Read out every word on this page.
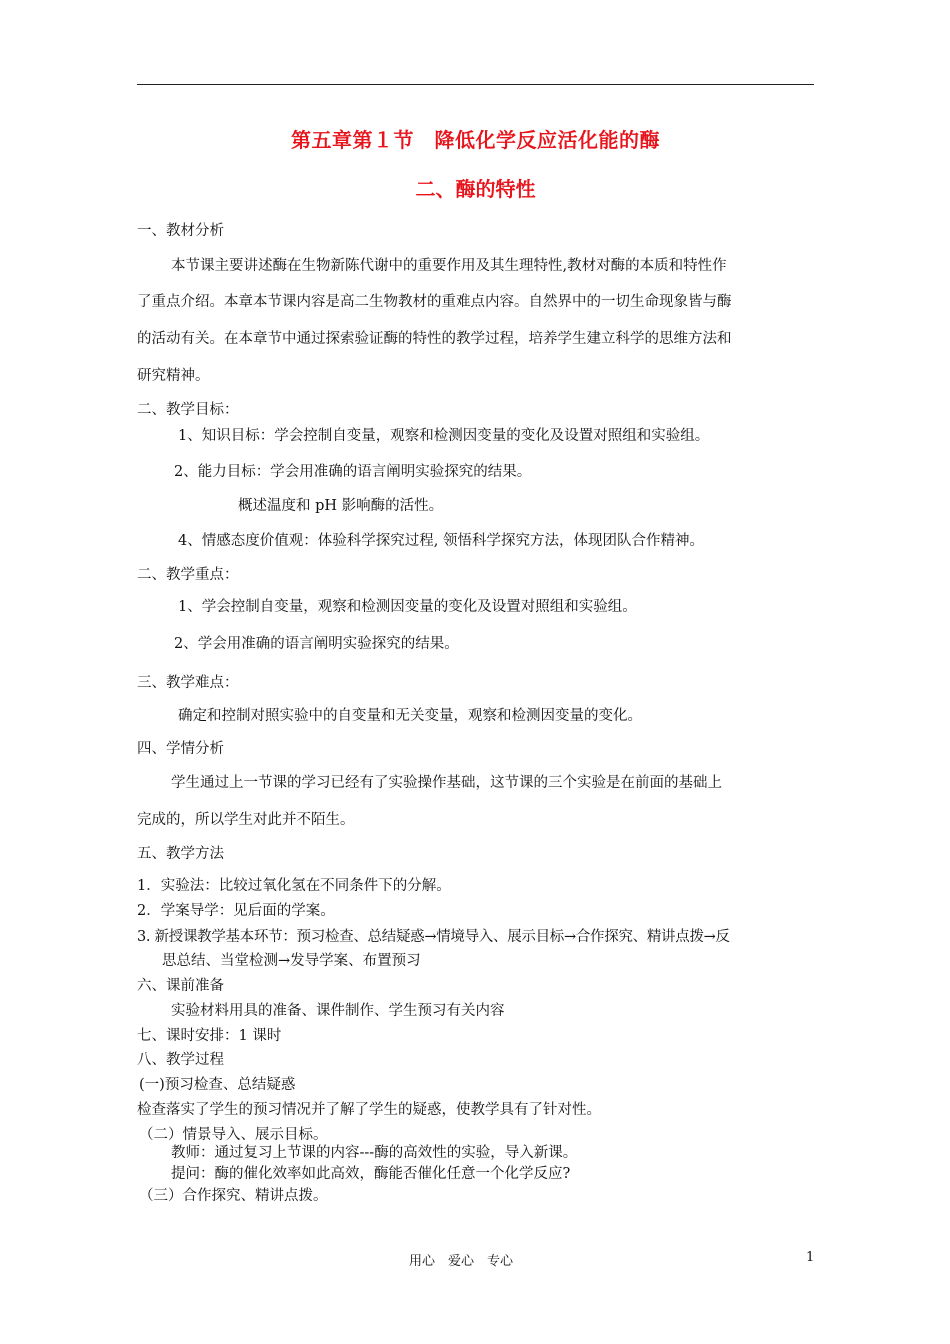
第五章第１节　降低化学反应活化能的酶
二、酶的特性
一、教材分析
本节课主要讲述酶在生物新陈代谢中的重要作用及其生理特性,教材对酶的本质和特性作
了重点介绍。本章本节课内容是高二生物教材的重难点内容。自然界中的一切生命现象皆与酶
的活动有关。在本章节中通过探索验证酶的特性的教学过程，培养学生建立科学的思维方法和
研究精神。
二、教学目标：
1、知识目标：学会控制自变量，观察和检测因变量的变化及设置对照组和实验组。
2、能力目标：学会用准确的语言阐明实验探究的结果。
概述温度和 pH 影响酶的活性。
4、情感态度价值观：体验科学探究过程, 领悟科学探究方法，体现团队合作精神。
二、教学重点：
1、学会控制自变量，观察和检测因变量的变化及设置对照组和实验组。
2、学会用准确的语言阐明实验探究的结果。
三、教学难点：
确定和控制对照实验中的自变量和无关变量，观察和检测因变量的变化。
四、学情分析
学生通过上一节课的学习已经有了实验操作基础，这节课的三个实验是在前面的基础上
完成的，所以学生对此并不陌生。
五、教学方法
1．实验法：比较过氧化氢在不同条件下的分解。
2．学案导学：见后面的学案。
3. 新授课教学基本环节：预习检查、总结疑惑→情境导入、展示目标→合作探究、精讲点拨→反
思总结、当堂检测→发导学案、布置预习
六、课前准备
实验材料用具的准备、课件制作、学生预习有关内容
七、课时安排：1 课时
八、教学过程
(一)预习检查、总结疑惑
检查落实了学生的预习情况并了解了学生的疑惑，使教学具有了针对性。
（二）情景导入、展示目标。
教师：通过复习上节课的内容---酶的高效性的实验，导入新课。
提问：酶的催化效率如此高效，酶能否催化任意一个化学反应?
（三）合作探究、精讲点拨。
用心　爱心　专心	1
